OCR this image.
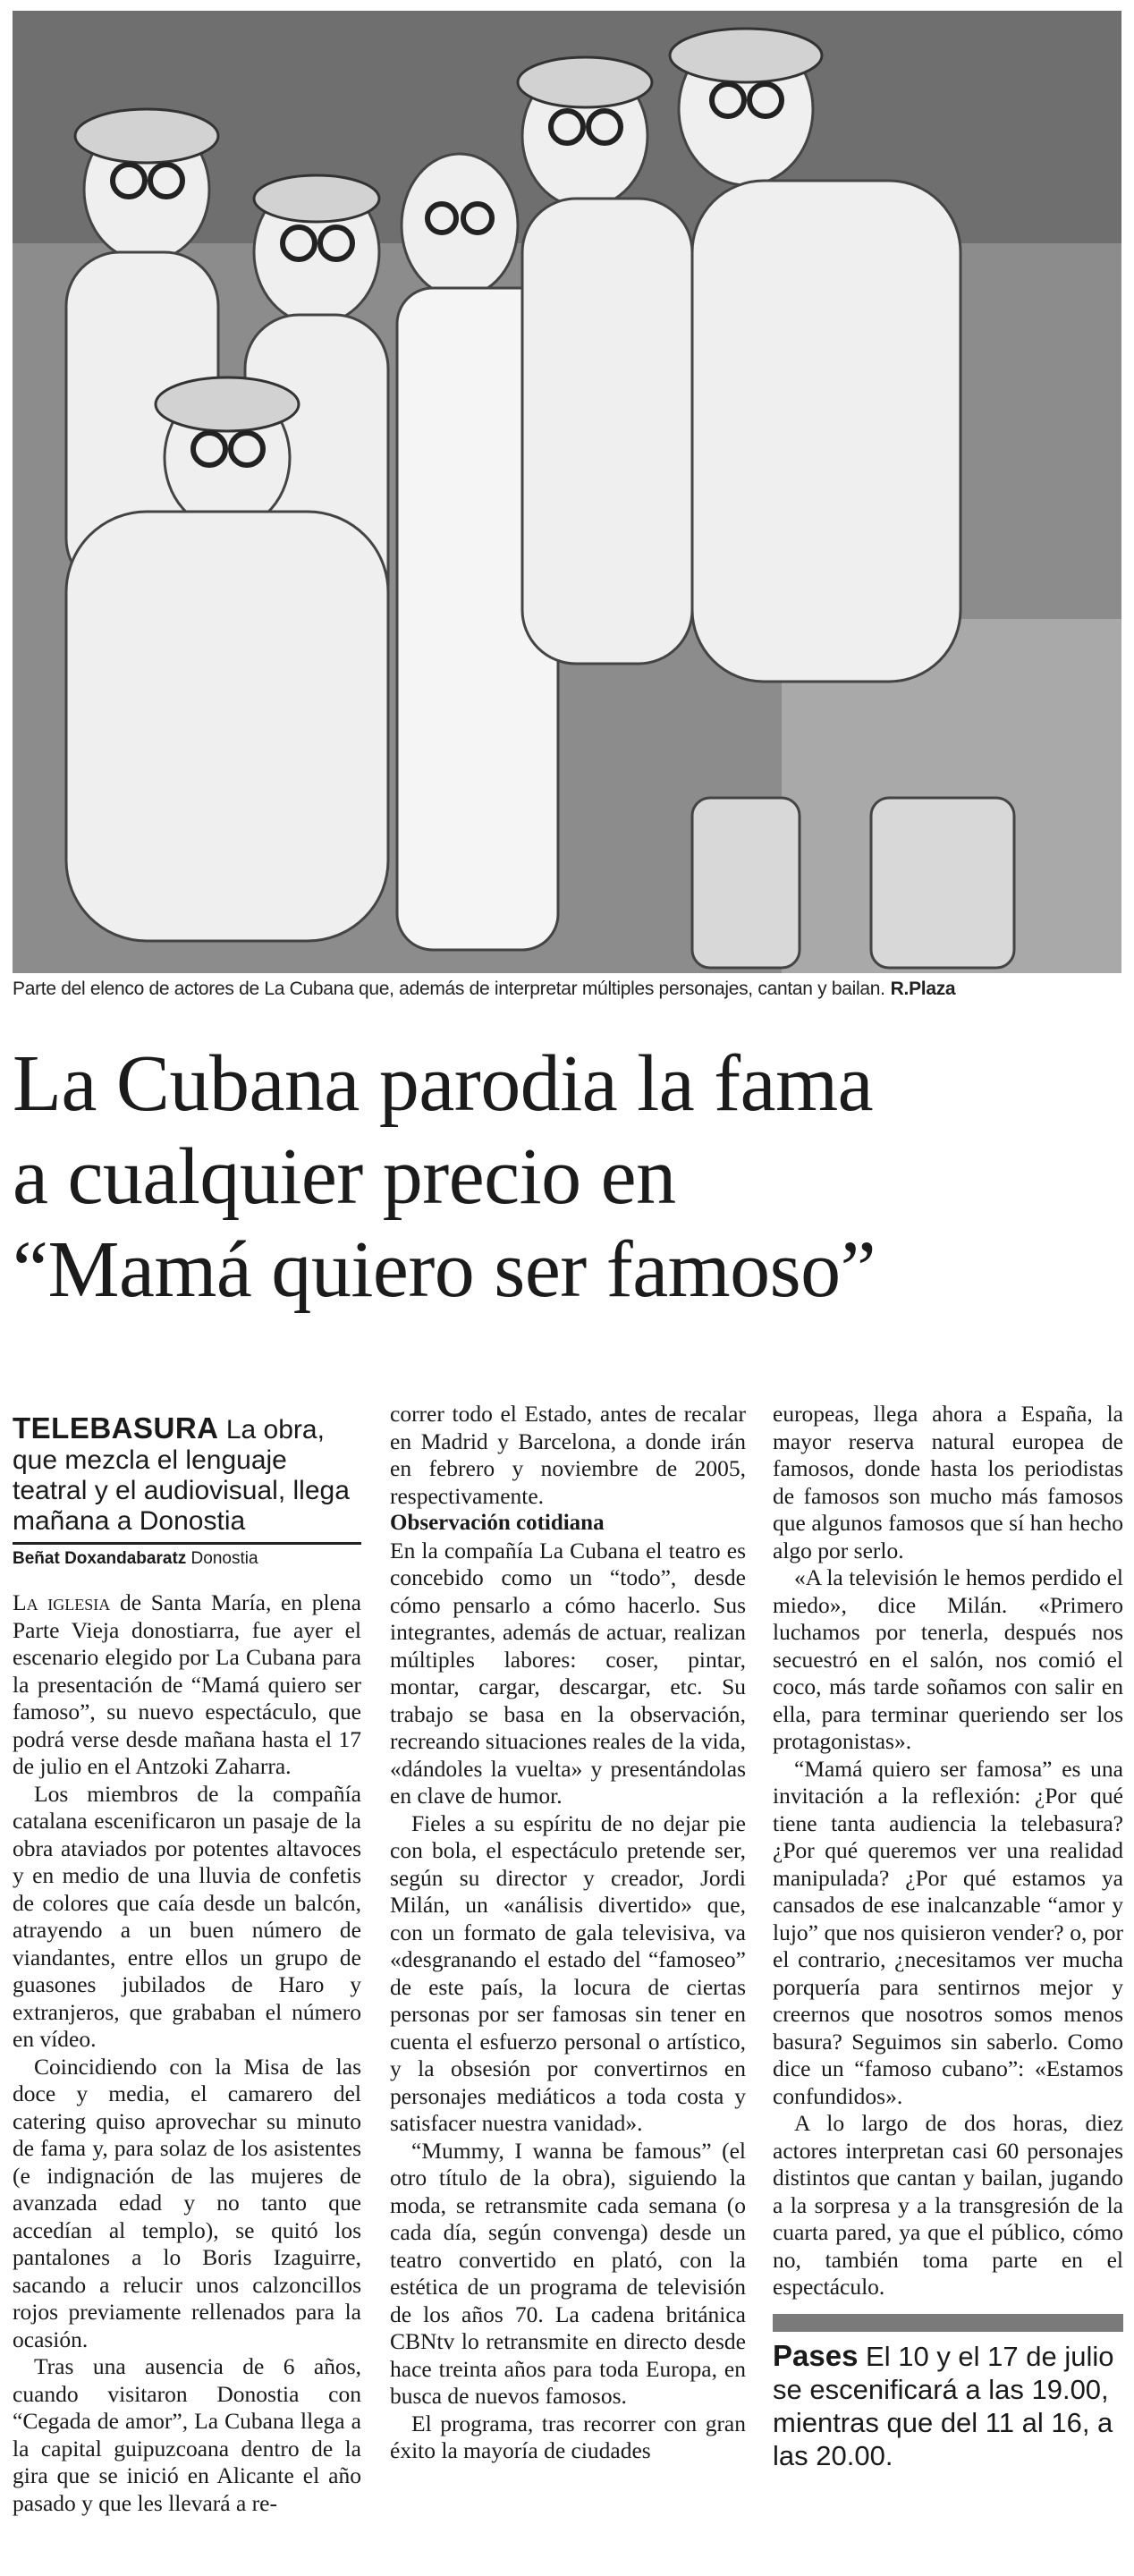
Parte del elenco de actores de La Cubana que, además de interpretar múltiples personajes, cantan y bailan. R.Plaza
La Cubana parodia la fama
a cualquier precio en
“Mamá quiero ser famoso”
TELEBASURA La obra, que mezcla el lenguaje teatral y el audiovisual, llega mañana a Donostia
Beñat Doxandabaratz Donostia

La iglesia de Santa María, en plena Parte Vieja donostiarra, fue ayer el escenario elegido por La Cubana para la presentación de “Mamá quiero ser famoso”, su nuevo espectáculo, que podrá verse desde mañana hasta el 17 de julio en el Antzoki Zaharra.

Los miembros de la compañía catalana escenificaron un pasaje de la obra ataviados por potentes altavoces y en medio de una lluvia de confetis de colores que caía desde un balcón, atrayendo a un buen número de viandantes, entre ellos un grupo de guasones jubilados de Haro y extranjeros, que grababan el número en vídeo.

Coincidiendo con la Misa de las doce y media, el camarero del catering quiso aprovechar su minuto de fama y, para solaz de los asistentes (e indignación de las mujeres de avanzada edad y no tanto que accedían al templo), se quitó los pantalones a lo Boris Izaguirre, sacando a relucir unos calzoncillos rojos previamente rellenados para la ocasión.

Tras una ausencia de 6 años, cuando visitaron Donostia con “Cegada de amor”, La Cubana llega a la capital guipuzcoana dentro de la gira que se inició en Alicante el año pasado y que les llevará a re-

correr todo el Estado, antes de recalar en Madrid y Barcelona, a donde irán en febrero y noviembre de 2005, respectivamente.

Observación cotidiana

En la compañía La Cubana el teatro es concebido como un “todo”, desde cómo pensarlo a cómo hacerlo. Sus integrantes, además de actuar, realizan múltiples labores: coser, pintar, montar, cargar, descargar, etc. Su trabajo se basa en la observación, recreando situaciones reales de la vida, «dándoles la vuelta» y presentándolas en clave de humor.

Fieles a su espíritu de no dejar pie con bola, el espectáculo pretende ser, según su director y creador, Jordi Milán, un «análisis divertido» que, con un formato de gala televisiva, va «desgranando el estado del “famoseo” de este país, la locura de ciertas personas por ser famosas sin tener en cuenta el esfuerzo personal o artístico, y la obsesión por convertirnos en personajes mediáticos a toda costa y satisfacer nuestra vanidad».

“Mummy, I wanna be famous” (el otro título de la obra), siguiendo la moda, se retransmite cada semana (o cada día, según convenga) desde un teatro convertido en plató, con la estética de un programa de televisión de los años 70. La cadena británica CBNtv lo retransmite en directo desde hace treinta años para toda Europa, en busca de nuevos famosos.

El programa, tras recorrer con gran éxito la mayoría de ciudades

europeas, llega ahora a España, la mayor reserva natural europea de famosos, donde hasta los periodistas de famosos son mucho más famosos que algunos famosos que sí han hecho algo por serlo.

«A la televisión le hemos perdido el miedo», dice Milán. «Primero luchamos por tenerla, después nos secuestró en el salón, nos comió el coco, más tarde soñamos con salir en ella, para terminar queriendo ser los protagonistas».

“Mamá quiero ser famosa” es una invitación a la reflexión: ¿Por qué tiene tanta audiencia la telebasura? ¿Por qué queremos ver una realidad manipulada? ¿Por qué estamos ya cansados de ese inalcanzable “amor y lujo” que nos quisieron vender? o, por el contrario, ¿necesitamos ver mucha porquería para sentirnos mejor y creernos que nosotros somos menos basura? Seguimos sin saberlo. Como dice un “famoso cubano”: «Estamos confundidos».

A lo largo de dos horas, diez actores interpretan casi 60 personajes distintos que cantan y bailan, jugando a la sorpresa y a la transgresión de la cuarta pared, ya que el público, cómo no, también toma parte en el espectáculo.

Pases El 10 y el 17 de julio se escenificará a las 19.00, mientras que del 11 al 16, a las 20.00.
